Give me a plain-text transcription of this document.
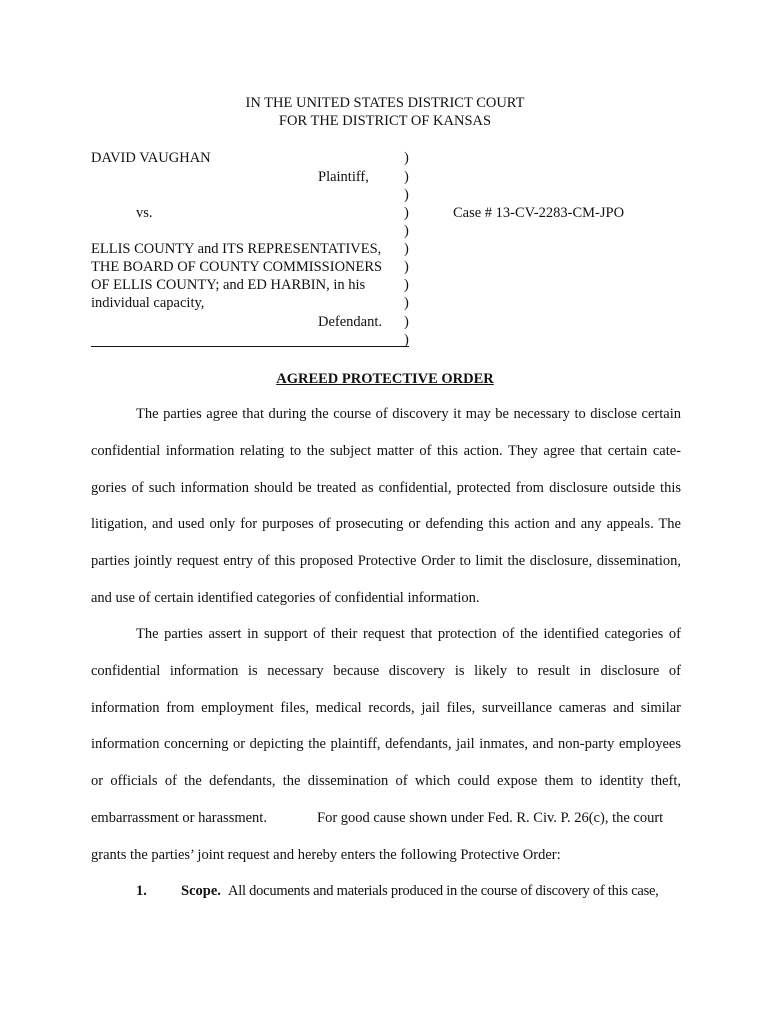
IN THE UNITED STATES DISTRICT COURT
FOR THE DISTRICT OF KANSAS
DAVID VAUGHAN
Plaintiff,
vs.
ELLIS COUNTY and ITS REPRESENTATIVES,
THE BOARD OF COUNTY COMMISSIONERS
OF ELLIS COUNTY; and ED HARBIN, in his
individual capacity,
Defendant.
)
)
)
)
)
)
)
)
)
)
)
Case # 13-CV-2283-CM-JPO
AGREED PROTECTIVE ORDER
The parties agree that during the course of discovery it may be necessary to disclose certain
confidential information relating to the subject matter of this action. They agree that certain cate-
gories of such information should be treated as confidential, protected from disclosure outside this
litigation, and used only for purposes of prosecuting or defending this action and any appeals. The
parties jointly request entry of this proposed Protective Order to limit the disclosure, dissemination,
and use of certain identified categories of confidential information.
The parties assert in support of their request that protection of the identified categories of
confidential information is necessary because discovery is likely to result in disclosure of
information from employment files, medical records, jail files, surveillance cameras and similar
information concerning or depicting the plaintiff, defendants, jail inmates, and non-party employees
or officials of the defendants, the dissemination of which could expose them to identity theft,
embarrassment or harassment.	For good cause shown under Fed. R. Civ. P. 26(c), the court
grants the parties’ joint request and hereby enters the following Protective Order:
1. Scope. All documents and materials produced in the course of discovery of this case,
